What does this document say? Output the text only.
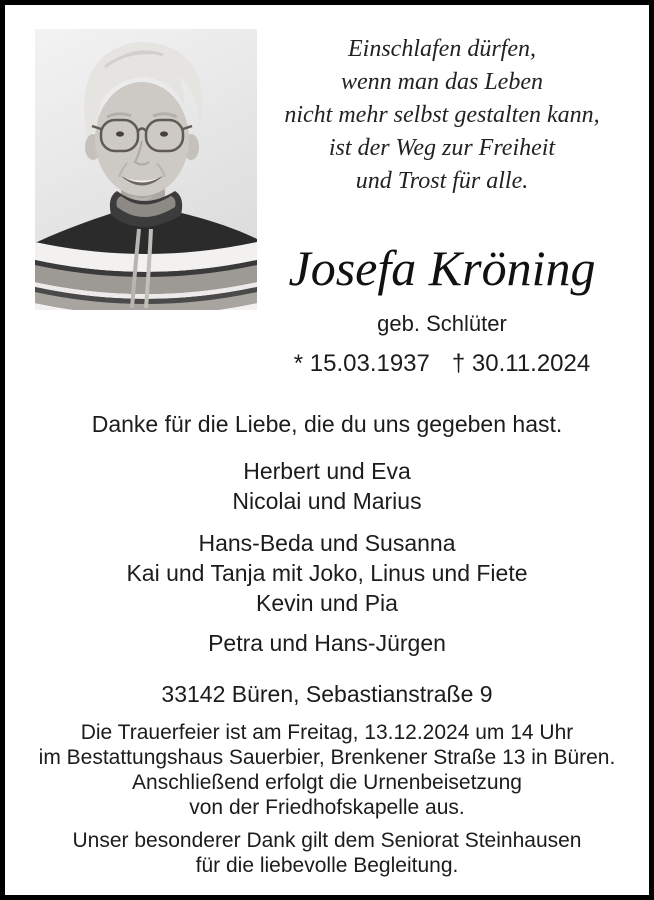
Einschlafen dürfen,
wenn man das Leben
nicht mehr selbst gestalten kann,
ist der Weg zur Freiheit
und Trost für alle.
Josefa Kröning
geb. Schlüter
* 15.03.1937 † 30.11.2024
Danke für die Liebe, die du uns gegeben hast.
Herbert und Eva
Nicolai und Marius
Hans-Beda und Susanna
Kai und Tanja mit Joko, Linus und Fiete
Kevin und Pia
Petra und Hans-Jürgen
33142 Büren, Sebastianstraße 9
Die Trauerfeier ist am Freitag, 13.12.2024 um 14 Uhr
im Bestattungshaus Sauerbier, Brenkener Straße 13 in Büren.
Anschließend erfolgt die Urnenbeisetzung
von der Friedhofskapelle aus.
Unser besonderer Dank gilt dem Seniorat Steinhausen
für die liebevolle Begleitung.
